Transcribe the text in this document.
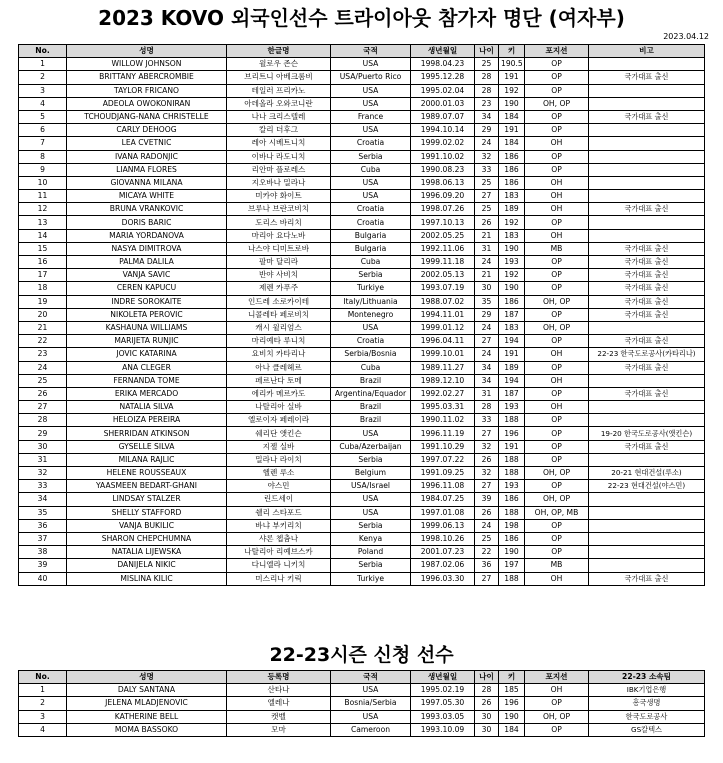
2023 KOVO 외국인선수 트라이아웃 참가자 명단 (여자부)
2023.04.12
No.	성명	한글명	국적	생년월일	나이	키	포지션	비고
1	WILLOW JOHNSON	윌로우 존슨	USA	1998.04.23	25	190.5	OP	
2	BRITTANY ABERCROMBIE	브리트니 아베크롬비	USA/Puerto Rico	1995.12.28	28	191	OP	국가대표 출신
3	TAYLOR FRICANO	테일러 프리카노	USA	1995.02.04	28	192	OP	
4	ADEOLA OWOKONIRAN	아데올라 오와코니란	USA	2000.01.03	23	190	OH, OP	
5	TCHOUDJANG-NANA CHRISTELLE	나나 크리스텔레	France	1989.07.07	34	184	OP	국가대표 출신
6	CARLY DEHOOG	칼리 더후그	USA	1994.10.14	29	191	OP	
7	LEA CVETNIC	레아 시베트니치	Croatia	1999.02.02	24	184	OH	
8	IVANA RADONJIC	이바나 라도니치	Serbia	1991.10.02	32	186	OP	
9	LIANMA FLORES	리안마 플로레스	Cuba	1990.08.23	33	186	OP	
10	GIOVANNA MILANA	지오바나 밀라나	USA	1998.06.13	25	186	OH	
11	MICAYA WHITE	미카야 화이트	USA	1996.09.20	27	183	OH	
12	BRUNA VRANKOVIC	브루나 브란코비치	Croatia	1998.07.26	25	189	OH	국가대표 출신
13	DORIS BARIC	도리스 바리치	Croatia	1997.10.13	26	192	OP	
14	MARIA YORDANOVA	마리아 요다노바	Bulgaria	2002.05.25	21	183	OH	
15	NASYA DIMITROVA	나스야 디미트로바	Bulgaria	1992.11.06	31	190	MB	국가대표 출신
16	PALMA DALILA	팔마 달리라	Cuba	1999.11.18	24	193	OP	국가대표 출신
17	VANJA SAVIC	반야 사비치	Serbia	2002.05.13	21	192	OP	국가대표 출신
18	CEREN KAPUCU	제렌 카푸주	Turkiye	1993.07.19	30	190	OP	국가대표 출신
19	INDRE SOROKAITE	인드레 소로카이테	Italy/Lithuania	1988.07.02	35	186	OH, OP	국가대표 출신
20	NIKOLETA PEROVIC	니콜레타 페로비치	Montenegro	1994.11.01	29	187	OP	국가대표 출신
21	KASHAUNA WILLIAMS	캐시 윌리엄스	USA	1999.01.12	24	183	OH, OP	
22	MARIJETA RUNJIC	마리예타 루니치	Croatia	1996.04.11	27	194	OP	국가대표 출신
23	JOVIC KATARINA	요비치 카타리나	Serbia/Bosnia	1999.10.01	24	191	OH	22-23 한국도로공사(카타리나)
24	ANA CLEGER	아나 클레헤르	Cuba	1989.11.27	34	189	OP	국가대표 출신
25	FERNANDA TOME	페르난다 토메	Brazil	1989.12.10	34	194	OH	
26	ERIKA MERCADO	에리카 메르카도	Argentina/Equador	1992.02.27	31	187	OP	국가대표 출신
27	NATALIA SILVA	나탈리아 실바	Brazil	1995.03.31	28	193	OH	
28	HELOIZA PEREIRA	엘로이자 페레이라	Brazil	1990.11.02	33	188	OP	
29	SHERRIDAN ATKINSON	쉐리단 앳킨슨	USA	1996.11.19	27	196	OP	19-20 한국도로공사(앳킨슨)
30	GYSELLE SILVA	지젤 실바	Cuba/Azerbaijan	1991.10.29	32	191	OP	국가대표 출신
31	MILANA RAJLIC	밀라나 라이치	Serbia	1997.07.22	26	188	OP	
32	HELENE ROUSSEAUX	헬렌 루소	Belgium	1991.09.25	32	188	OH, OP	20-21 현대건설(루소)
33	YAASMEEN BEDART-GHANI	야스민	USA/Israel	1996.11.08	27	193	OP	22-23 현대건설(야스민)
34	LINDSAY STALZER	린드세이	USA	1984.07.25	39	186	OH, OP	
35	SHELLY STAFFORD	쉘리 스타포드	USA	1997.01.08	26	188	OH, OP, MB	
36	VANJA BUKILIC	바냐 부키리치	Serbia	1999.06.13	24	198	OP	
37	SHARON CHEPCHUMNA	샤론 쳅츔나	Kenya	1998.10.26	25	186	OP	
38	NATALIA LIJEWSKA	나탈리아 리예브스카	Poland	2001.07.23	22	190	OP	
39	DANIJELA NIKIC	다니엘라 니키치	Serbia	1987.02.06	36	197	MB	
40	MISLINA KILIC	미스리나 키릭	Turkiye	1996.03.30	27	188	OH	국가대표 출신
22-23시즌 신청 선수
No.	성명	등록명	국적	생년월일	나이	키	포지션	22-23 소속팀
1	DALY SANTANA	산타나	USA	1995.02.19	28	185	OH	IBK기업은행
2	JELENA MLADJENOVIC	엘레나	Bosnia/Serbia	1997.05.30	26	196	OP	흥국생명
3	KATHERINE BELL	캣벨	USA	1993.03.05	30	190	OH, OP	한국도로공사
4	MOMA BASSOKO	모마	Cameroon	1993.10.09	30	184	OP	GS칼텍스
